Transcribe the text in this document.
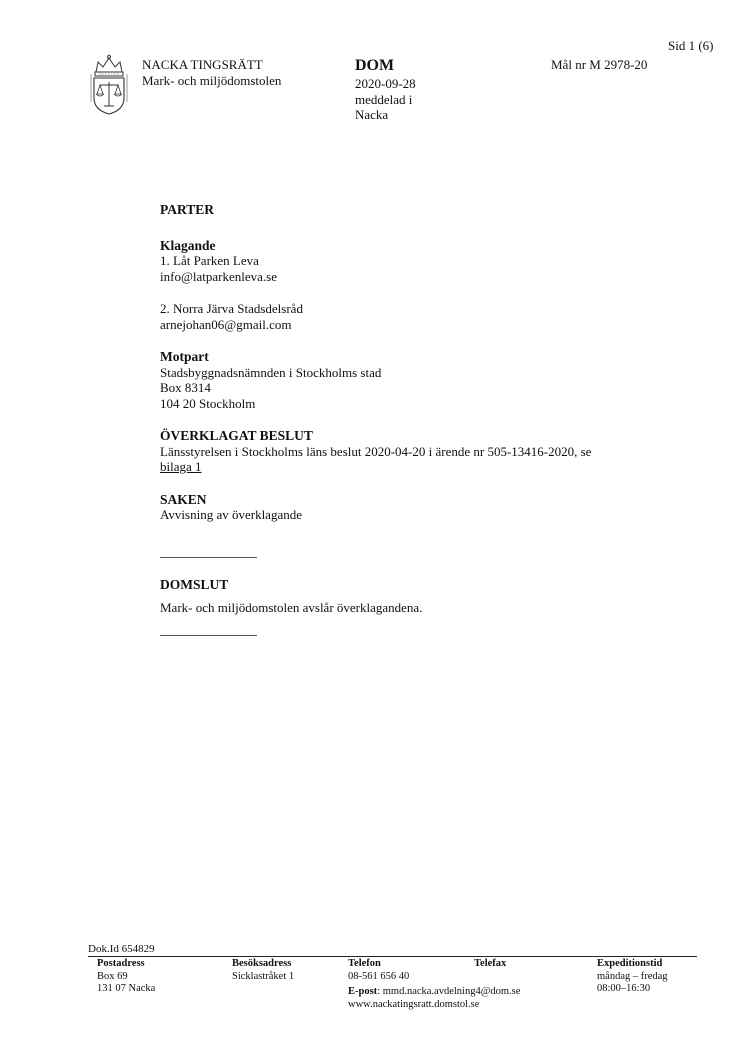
Sid 1 (6)
NACKA TINGSRÄTT
Mark- och miljödomstolen
DOM
2020-09-28
meddelad i
Nacka
Mål nr M 2978-20
PARTER
Klagande
1. Låt Parken Leva
info@latparkenleva.se
2. Norra Järva Stadsdelsråd
arnejohan06@gmail.com
Motpart
Stadsbyggnadsnämnden i Stockholms stad
Box 8314
104 20 Stockholm
ÖVERKLAGAT BESLUT
Länsstyrelsen i Stockholms läns beslut 2020-04-20 i ärende nr 505-13416-2020, se
bilaga 1
SAKEN
Avvisning av överklagande
DOMSLUT
Mark- och miljödomstolen avslår överklagandena.
Dok.Id 654829
Postadress
Box 69
131 07 Nacka
Besöksadress
Sicklastråket 1
Telefon
08-561 656 40
E-post: mmd.nacka.avdelning4@dom.se
www.nackatingsratt.domstol.se
Telefax	Expeditionstid
måndag – fredag
08:00–16:30
